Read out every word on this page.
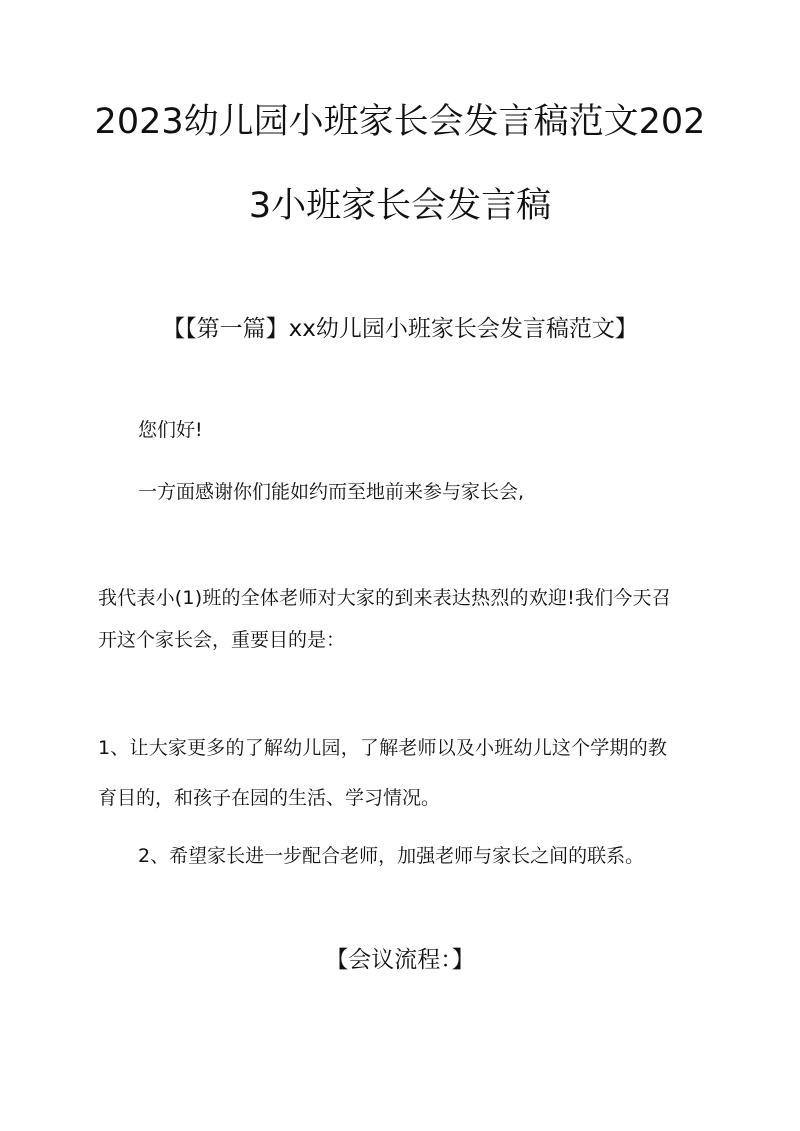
2023幼儿园小班家长会发言稿范文202
3小班家长会发言稿
【【第一篇】xx幼儿园小班家长会发言稿范文】
您们好!
一方面感谢你们能如约而至地前来参与家长会,
我代表小(1)班的全体老师对大家的到来表达热烈的欢迎!我们今天召
开这个家长会，重要目的是：
1、让大家更多的了解幼儿园，了解老师以及小班幼儿这个学期的教
育目的，和孩子在园的生活、学习情况。
2、希望家长进一步配合老师，加强老师与家长之间的联系。
【会议流程：】
